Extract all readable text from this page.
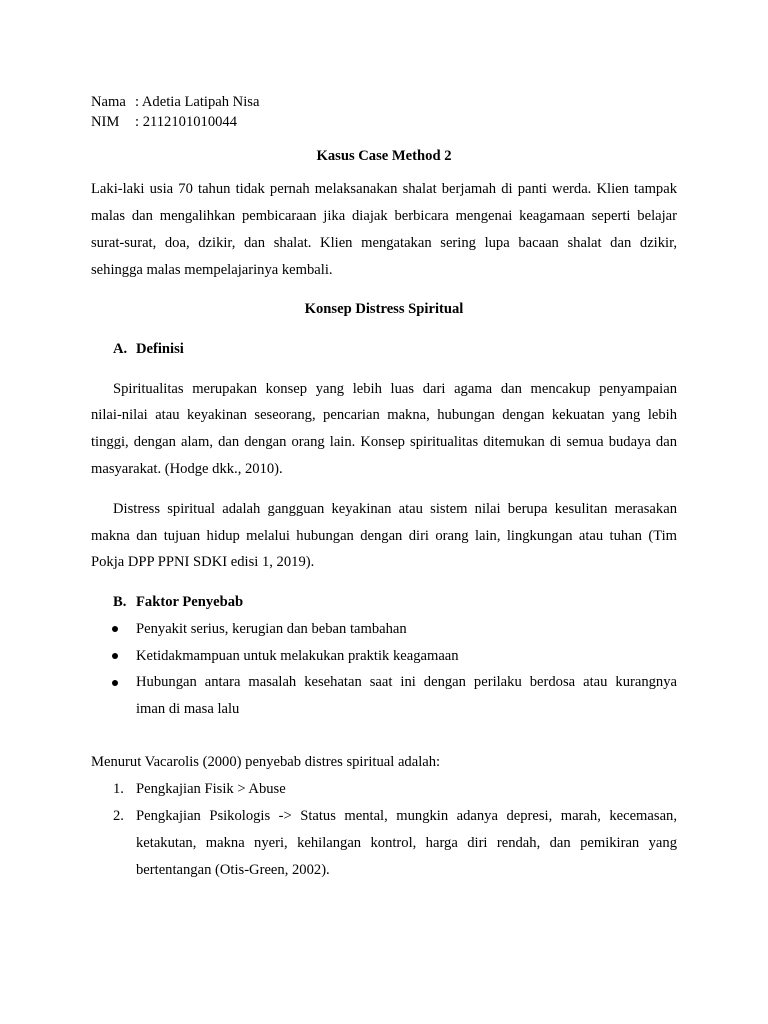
Nama : Adetia Latipah Nisa
NIM : 2112101010044
Kasus Case Method 2
Laki-laki usia 70 tahun tidak pernah melaksanakan shalat berjamah di panti werda. Klien tampak
malas dan mengalihkan pembicaraan jika diajak berbicara mengenai keagamaan seperti belajar
surat-surat, doa, dzikir, dan shalat. Klien mengatakan sering lupa bacaan shalat dan dzikir,
sehingga malas mempelajarinya kembali.
Konsep Distress Spiritual
A. Definisi
Spiritualitas merupakan konsep yang lebih luas dari agama dan mencakup penyampaian
nilai-nilai atau keyakinan seseorang, pencarian makna, hubungan dengan kekuatan yang lebih
tinggi, dengan alam, dan dengan orang lain. Konsep spiritualitas ditemukan di semua budaya dan
masyarakat. (Hodge dkk., 2010).
Distress spiritual adalah gangguan keyakinan atau sistem nilai berupa kesulitan merasakan
makna dan tujuan hidup melalui hubungan dengan diri orang lain, lingkungan atau tuhan (Tim
Pokja DPP PPNI SDKI edisi 1, 2019).
B. Faktor Penyebab
Penyakit serius, kerugian dan beban tambahan
Ketidakmampuan untuk melakukan praktik keagamaan
Hubungan antara masalah kesehatan saat ini dengan perilaku berdosa atau kurangnya
iman di masa lalu
Menurut Vacarolis (2000) penyebab distres spiritual adalah:
1. Pengkajian Fisik > Abuse
2. Pengkajian Psikologis -> Status mental, mungkin adanya depresi, marah, kecemasan,
ketakutan, makna nyeri, kehilangan kontrol, harga diri rendah, dan pemikiran yang
bertentangan (Otis-Green, 2002).
